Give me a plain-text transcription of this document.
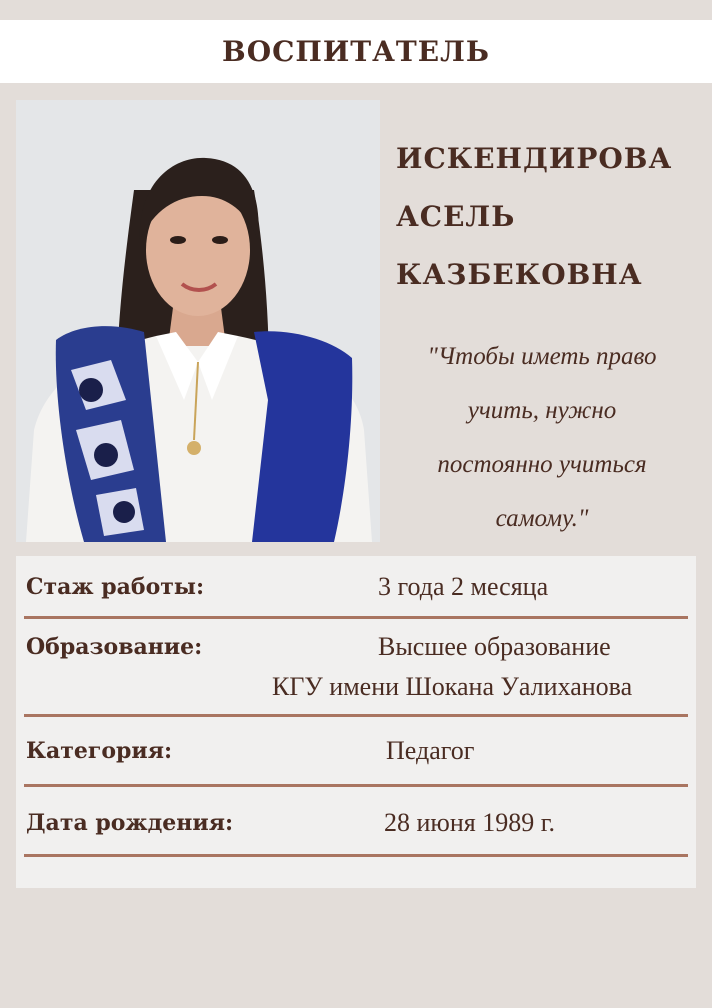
ВОСПИТАТЕЛЬ
ИСКЕНДИРОВА
АСЕЛЬ
КАЗБЕКОВНА
"Чтобы иметь право
учить, нужно
постоянно учиться
самому."
Стаж работы:	3 года 2 месяца
Образование:	Высшее образование
КГУ имени Шокана Уалиханова
Категория:	Педагог
Дата рождения:	28 июня 1989 г.
